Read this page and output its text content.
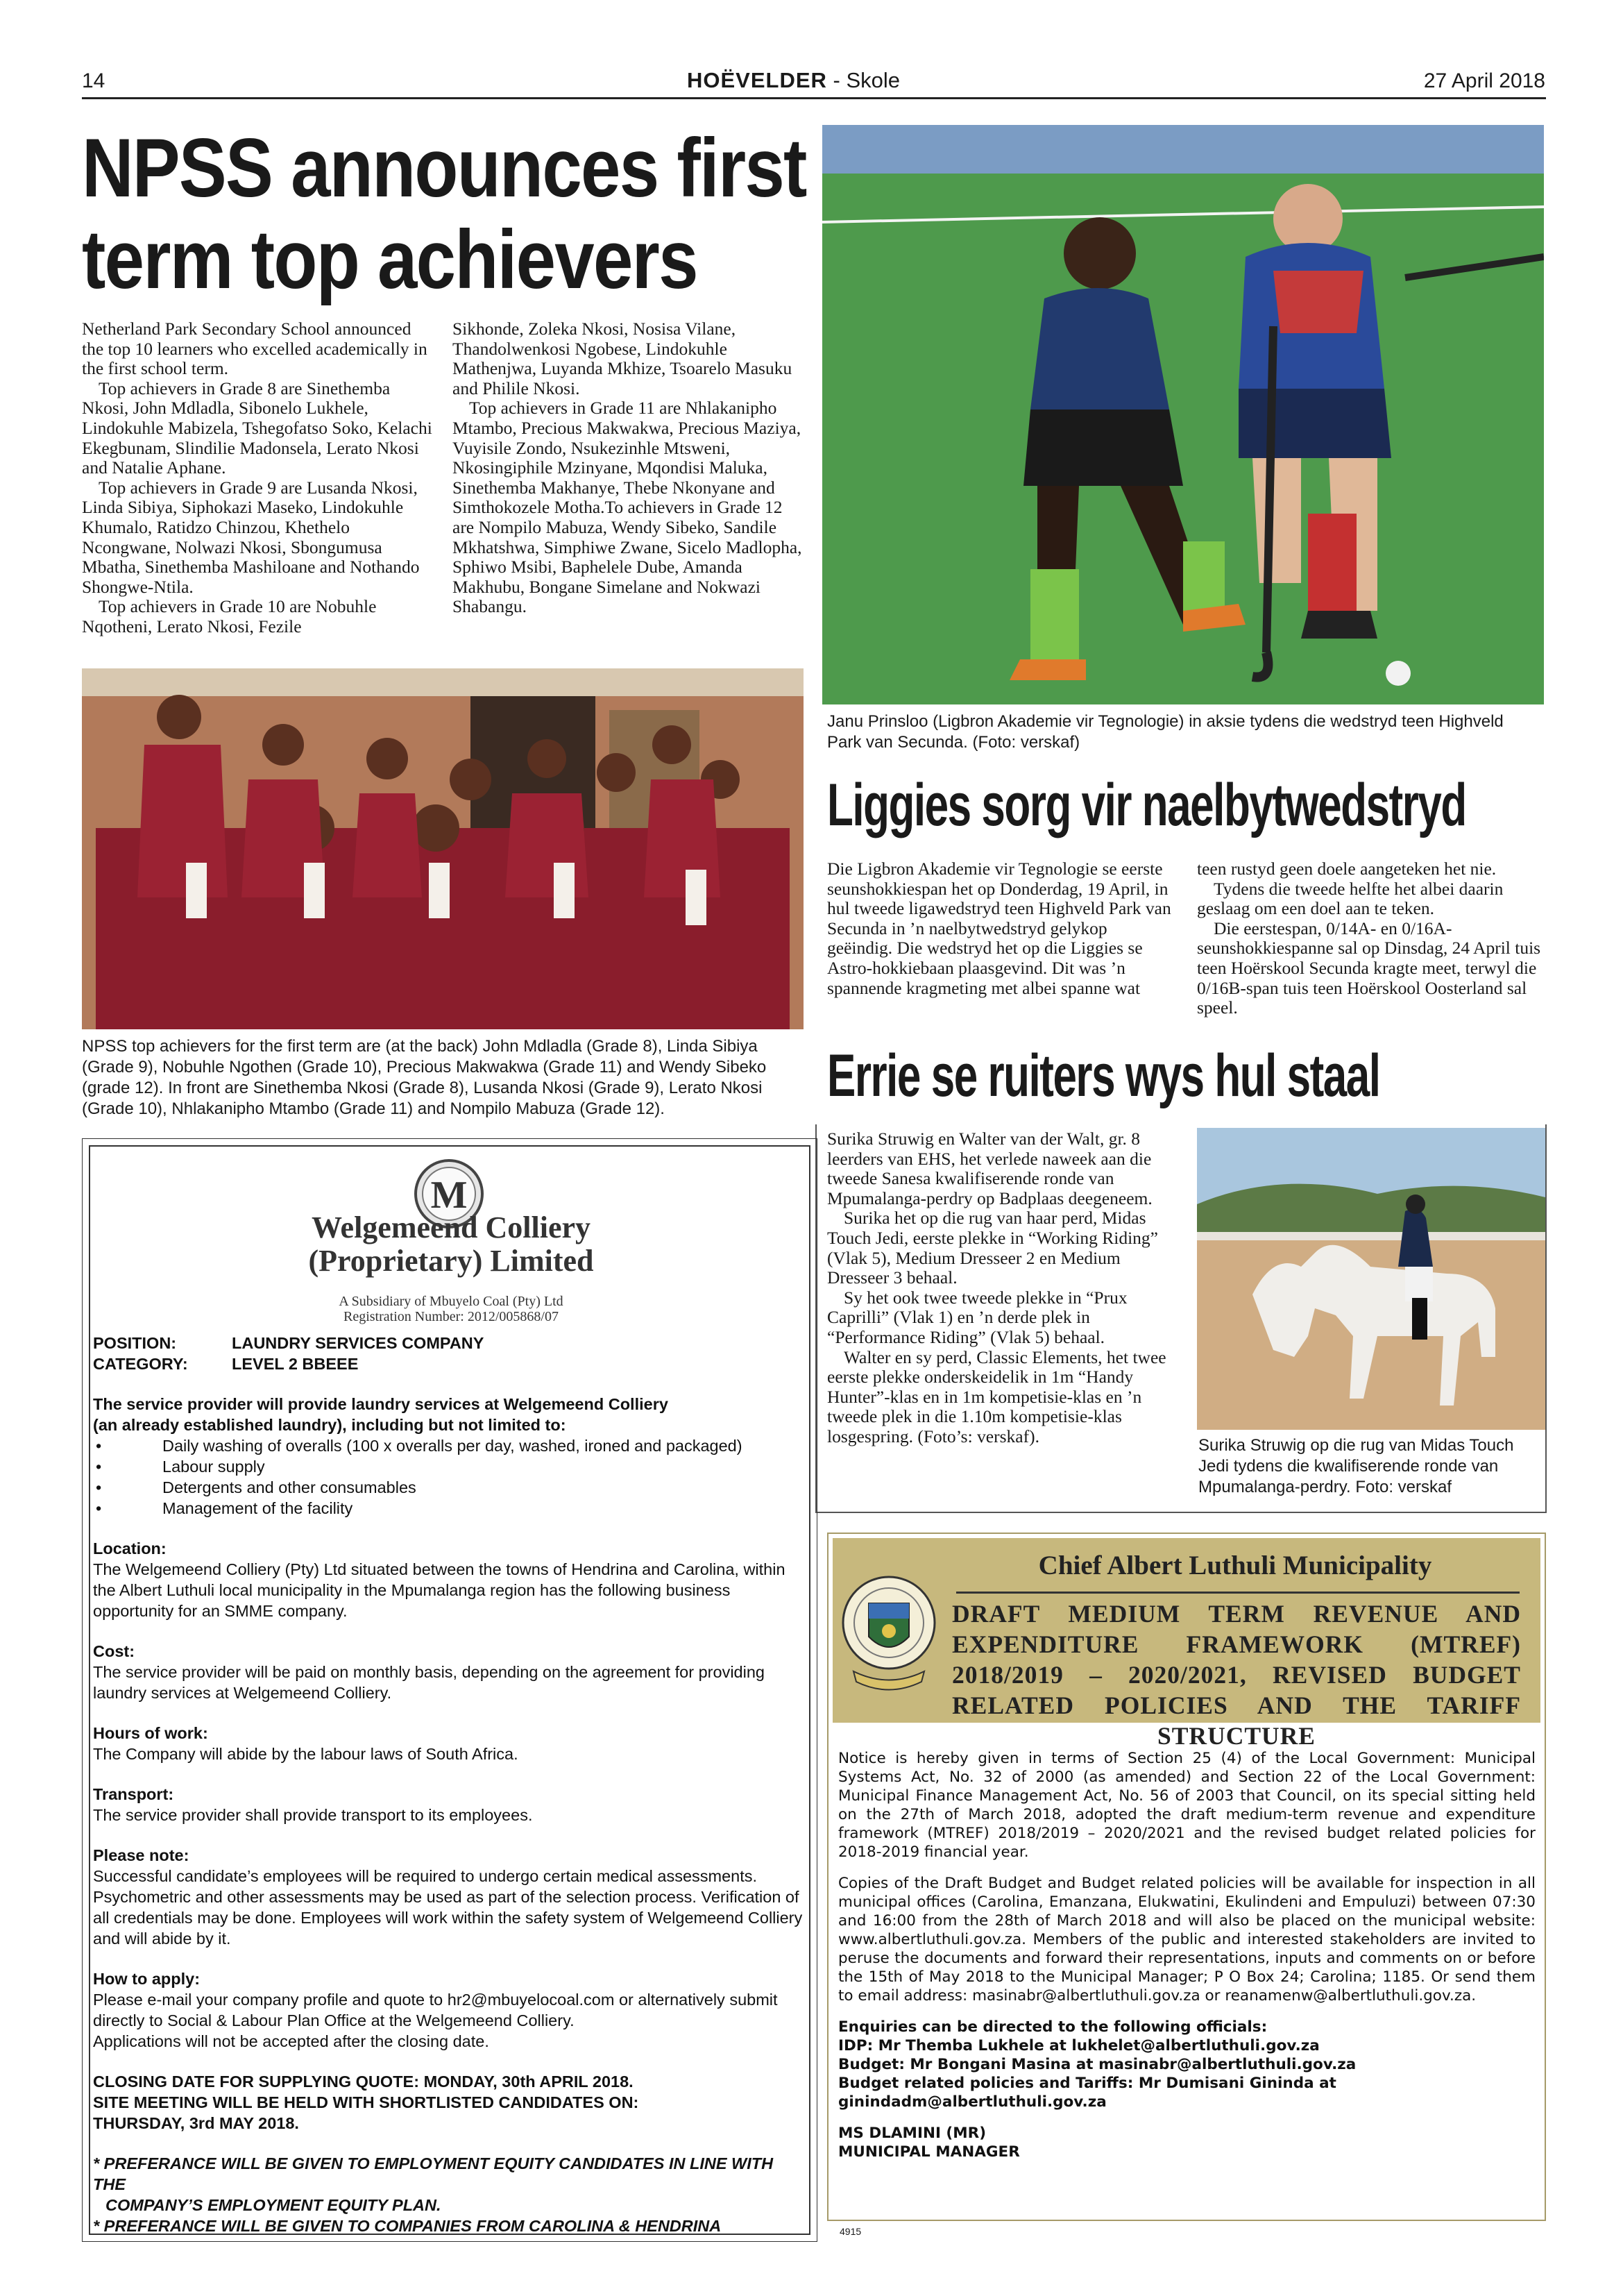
14	HOËVELDER - Skole	27 April 2018
NPSS announces first
term top achievers

Netherland Park Secondary School announced the top 10 learners who excelled academically in the first school term.

Top achievers in Grade 8 are Sinethemba Nkosi, John Mdladla, Sibonelo Lukhele, Lindokuhle Mabizela, Tshegofatso Soko, Kelachi Ekegbunam, Slindilie Madonsela, Lerato Nkosi and Natalie Aphane.

Top achievers in Grade 9 are Lusanda Nkosi, Linda Sibiya, Siphokazi Maseko, Lindokuhle Khumalo, Ratidzo Chinzou, Khethelo Ncongwane, Nolwazi Nkosi, Sbongumusa Mbatha, Sinethemba Mashiloane and Nothando Shongwe-Ntila.

Top achievers in Grade 10 are Nobuhle Nqotheni, Lerato Nkosi, Fezile

Sikhonde, Zoleka Nkosi, Nosisa Vilane, Thandolwenkosi Ngobese, Lindokuhle Mathenjwa, Luyanda Mkhize, Tsoarelo Masuku and Philile Nkosi.

Top achievers in Grade 11 are Nhlakanipho Mtambo, Precious Makwakwa, Precious Maziya, Vuyisile Zondo, Nsukezinhle Mtsweni, Nkosingiphile Mzinyane, Mqondisi Maluka, Sinethemba Makhanye, Thebe Nkonyane and Simthokozele Motha.To achievers in Grade 12 are Nompilo Mabuza, Wendy Sibeko, Sandile Mkhatshwa, Simphiwe Zwane, Sicelo Madlopha, Sphiwo Msibi, Baphelele Dube, Amanda Makhubu, Bongane Simelane and Nokwazi Shabangu.

Janu Prinsloo (Ligbron Akademie vir Tegnologie) in aksie tydens die wedstryd teen Highveld Park van Secunda. (Foto: verskaf)
NPSS top achievers for the first term are (at the back) John Mdladla (Grade 8), Linda Sibiya (Grade 9), Nobuhle Ngothen (Grade 10), Precious Makwakwa (Grade 11) and Wendy Sibeko (grade 12). In front are Sinethemba Nkosi (Grade 8), Lusanda Nkosi (Grade 9), Lerato Nkosi (Grade 10), Nhlakanipho Mtambo (Grade 11) and Nompilo Mabuza (Grade 12).
Liggies sorg vir naelbytwedstryd

Die Ligbron Akademie vir Tegnologie se eerste seunshokkiespan het op Donderdag, 19 April, in hul tweede ligawedstryd teen Highveld Park van Secunda in ’n naelbytwedstryd gelykop geëindig. Die wedstryd het op die Liggies se Astro-hokkiebaan plaasgevind. Dit was ’n spannende kragmeting met albei spanne wat

teen rustyd geen doele aangeteken het nie.

Tydens die tweede helfte het albei daarin geslaag om een doel aan te teken.

Die eerstespan, 0/14A- en 0/16A-seunshokkiespanne sal op Dinsdag, 24 April tuis teen Hoërskool Secunda kragte meet, terwyl die 0/16B-span tuis teen Hoërskool Oosterland sal speel.

Errie se ruiters wys hul staal

Surika Struwig en Walter van der Walt, gr. 8 leerders van EHS, het verlede naweek aan die tweede Sanesa kwalifiserende ronde van Mpumalanga-perdry op Badplaas deegeneem.

Surika het op die rug van haar perd, Midas Touch Jedi, eerste plekke in “Working Riding” (Vlak 5), Medium Dresseer 2 en Medium Dresseer 3 behaal.

Sy het ook twee tweede plekke in “Prux Caprilli” (Vlak 1) en ’n derde plek in “Performance Riding” (Vlak 5) behaal.

Walter en sy perd, Classic Elements, het twee eerste plekke onderskeidelik in 1m “Handy Hunter”-klas en in 1m kompetisie-klas en ’n tweede plek in die 1.10m kompetisie-klas losgespring. (Foto’s: verskaf).	Surika Struwig op die rug van Midas Touch Jedi tydens die kwalifiserende ronde van Mpumalanga-perdry. Foto: verskaf
M
Welgemeend Colliery
(Proprietary) Limited
A Subsidiary of Mbuyelo Coal (Pty) Ltd
Registration Number: 2012/005868/07

POSITION:	LAUNDRY SERVICES COMPANY

CATEGORY:	LEVEL 2 BBEEE

The service provider will provide laundry services at Welgemeend Colliery

(an already established laundry), including but not limited to:

• Daily washing of overalls (100 x overalls per day, washed, ironed and packaged)
• Labour supply
• Detergents and other consumables
• Management of the facility

Location:

The Welgemeend Colliery (Pty) Ltd situated between the towns of Hendrina and Carolina, within the Albert Luthuli local municipality in the Mpumalanga region has the following business opportunity for an SMME company.

Cost:

The service provider will be paid on monthly basis, depending on the agreement for providing laundry services at Welgemeend Colliery.

Hours of work:

The Company will abide by the labour laws of South Africa.

Transport:

The service provider shall provide transport to its employees.

Please note:

Successful candidate’s employees will be required to undergo certain medical assessments. Psychometric and other assessments may be used as part of the selection process. Verification of all credentials may be done. Employees will work within the safety system of Welgemeend Colliery and will abide by it.

How to apply:

Please e-mail your company profile and quote to hr2@mbuyelocoal.com or alternatively submit directly to Social & Labour Plan Office at the Welgemeend Colliery.

Applications will not be accepted after the closing date.

CLOSING DATE FOR SUPPLYING QUOTE: MONDAY, 30th APRIL 2018.

SITE MEETING WILL BE HELD WITH SHORTLISTED CANDIDATES ON:

THURSDAY, 3rd MAY 2018.

* PREFERANCE WILL BE GIVEN TO EMPLOYMENT EQUITY CANDIDATES IN LINE WITH THE

COMPANY’S EMPLOYMENT EQUITY PLAN.

* PREFERANCE WILL BE GIVEN TO COMPANIES FROM CAROLINA & HENDRINA

Chief Albert Luthuli Municipality
DRAFT MEDIUM TERM REVENUE AND EXPENDITURE FRAMEWORK (MTREF) 2018/2019 – 2020/2021, REVISED BUDGET RELATED POLICIES AND THE TARIFF STRUCTURE

Notice is hereby given in terms of Section 25 (4) of the Local Government: Municipal Systems Act, No. 32 of 2000 (as amended) and Section 22 of the Local Government: Municipal Finance Management Act, No. 56 of 2003 that Council, on its special sitting held on the 27th of March 2018, adopted the draft medium-term revenue and expenditure framework (MTREF) 2018/2019 – 2020/2021 and the revised budget related policies for 2018-2019 financial year.

Copies of the Draft Budget and Budget related policies will be available for inspection in all municipal offices (Carolina, Emanzana, Elukwatini, Ekulindeni and Empuluzi) between 07:30 and 16:00 from the 28th of March 2018 and will also be placed on the municipal website: www.albertluthuli.gov.za. Members of the public and interested stakeholders are invited to peruse the documents and forward their representations, inputs and comments on or before the 15th of May 2018 to the Municipal Manager; P O Box 24; Carolina; 1185. Or send them to email address: masinabr@albertluthuli.gov.za or reanamenw@albertluthuli.gov.za.

Enquiries can be directed to the following officials:

IDP: Mr Themba Lukhele at lukhelet@albertluthuli.gov.za

Budget: Mr Bongani Masina at masinabr@albertluthuli.gov.za

Budget related policies and Tariffs: Mr Dumisani Gininda at ginindadm@albertluthuli.gov.za

MS DLAMINI (MR)

MUNICIPAL MANAGER

4915
